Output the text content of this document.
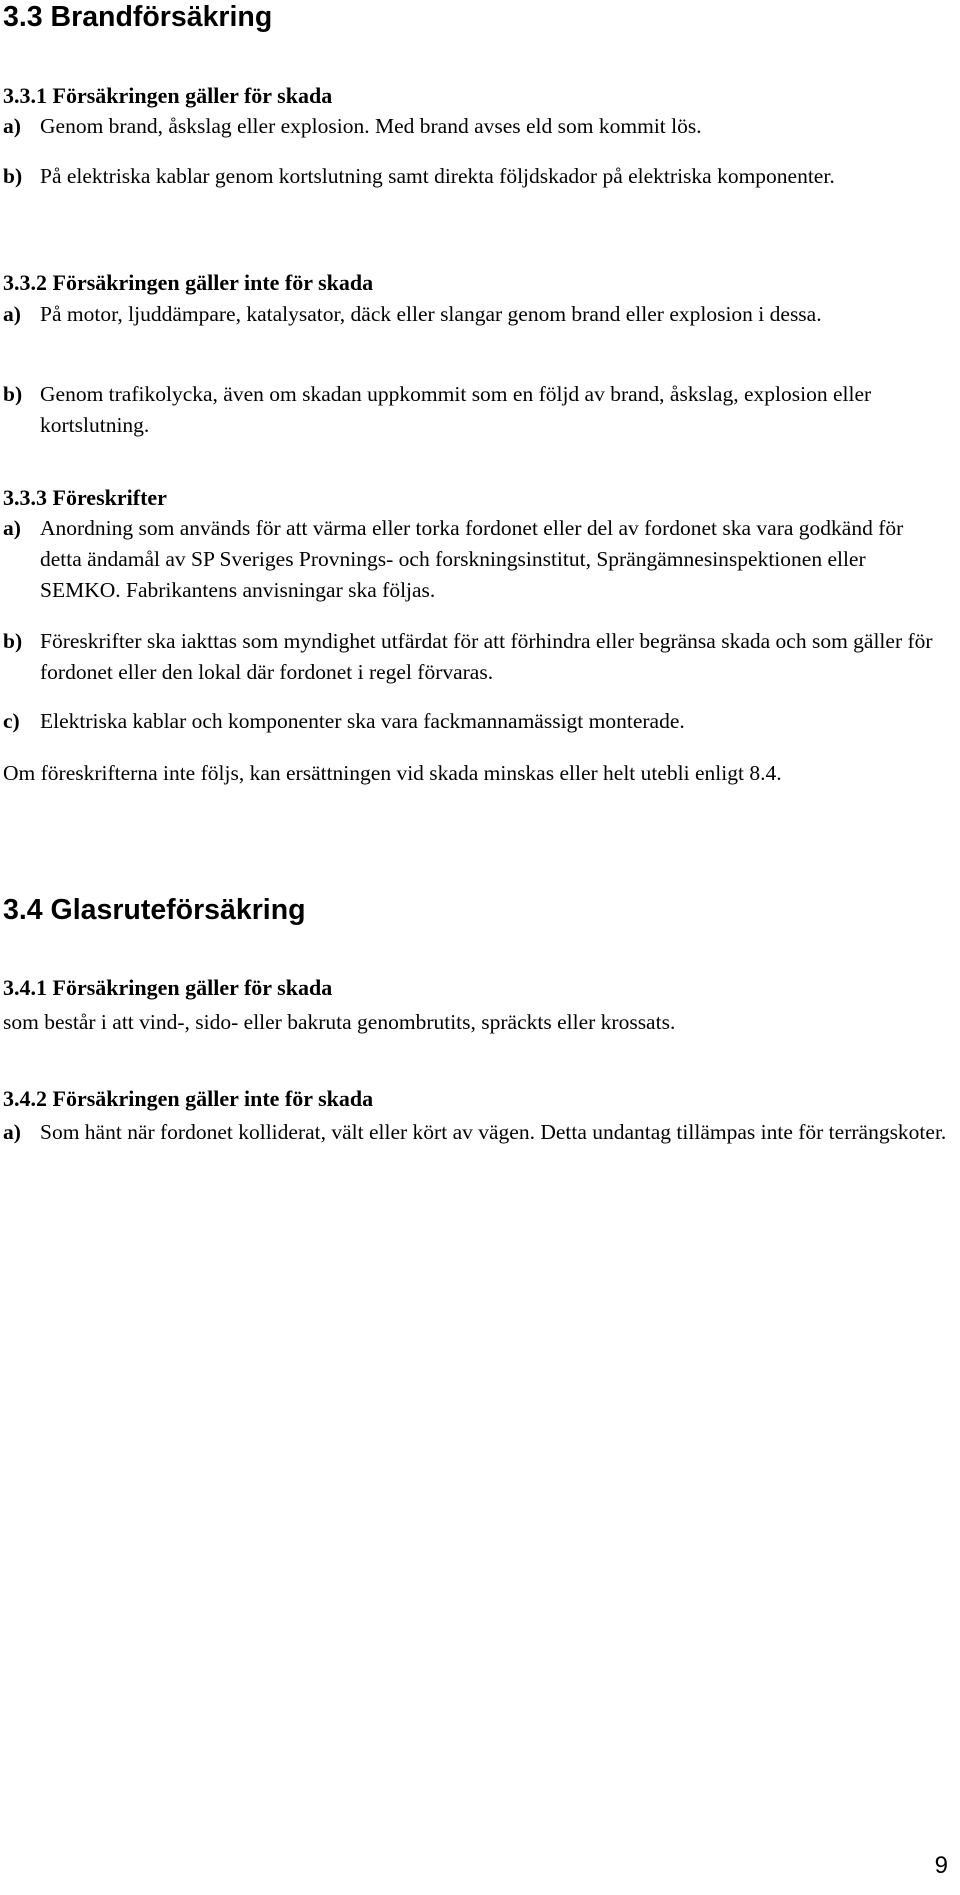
3.3 Brandförsäkring
3.3.1 Försäkringen gäller för skada
a) Genom brand, åskslag eller explosion. Med brand avses eld som kommit lös.
b) På elektriska kablar genom kortslutning samt direkta följdskador på elektriska komponenter.
3.3.2 Försäkringen gäller inte för skada
a) På motor, ljuddämpare, katalysator, däck eller slangar genom brand eller explosion i dessa.
b) Genom trafikolycka, även om skadan uppkommit som en följd av brand, åskslag, explosion eller kortslutning.
3.3.3 Föreskrifter
a) Anordning som används för att värma eller torka fordonet eller del av fordonet ska vara godkänd för detta ändamål av SP Sveriges Provnings- och forskningsinstitut, Sprängämnesinspektionen eller SEMKO. Fabrikantens anvisningar ska följas.
b) Föreskrifter ska iakttas som myndighet utfärdat för att förhindra eller begränsa skada och som gäller för fordonet eller den lokal där fordonet i regel förvaras.
c) Elektriska kablar och komponenter ska vara fackmannamässigt monterade.
Om föreskrifterna inte följs, kan ersättningen vid skada minskas eller helt utebli enligt 8.4.
3.4 Glasruteförsäkring
3.4.1 Försäkringen gäller för skada
som består i att vind-, sido- eller bakruta genombrutits, spräckts eller krossats.
3.4.2 Försäkringen gäller inte för skada
a) Som hänt när fordonet kolliderat, vält eller kört av vägen. Detta undantag tillämpas inte för terrängskoter.
9
